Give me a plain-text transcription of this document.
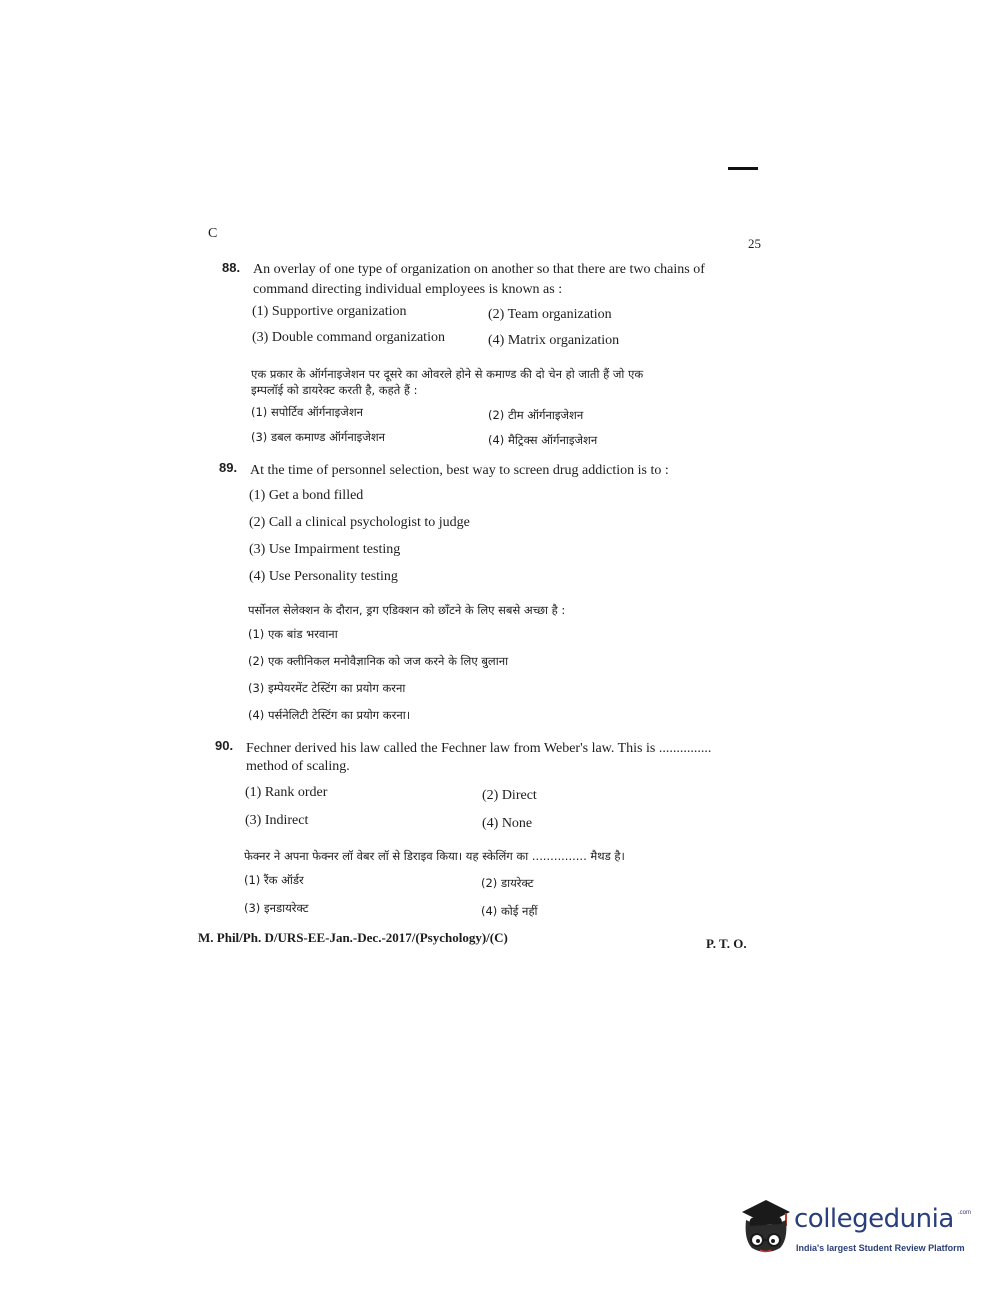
C
25
88. An overlay of one type of organization on another so that there are two chains of
command directing individual employees is known as :
(1) Supportive organization	(2) Team organization
(3) Double command organization	(4) Matrix organization
एक प्रकार के ऑर्गनाइजेशन पर दूसरे का ओवरले होने से कमाण्ड की दो चेन हो जाती हैं जो एक
इम्पलॉई को डायरेक्ट करती है, कहते हैं :
(1) सपोर्टिव ऑर्गनाइजेशन	(2) टीम ऑर्गनाइजेशन
(3) डबल कमाण्ड ऑर्गनाइजेशन	(4) मैट्रिक्स ऑर्गनाइजेशन
89. At the time of personnel selection, best way to screen drug addiction is to :
(1) Get a bond filled
(2) Call a clinical psychologist to judge
(3) Use Impairment testing
(4) Use Personality testing
पर्सोनल सेलेक्शन के दौरान, ड्रग एडिक्शन को छाँटने के लिए सबसे अच्छा है :
(1) एक बांड भरवाना
(2) एक क्लीनिकल मनोवैज्ञानिक को जज करने के लिए बुलाना
(3) इम्पेयरमेंट टेस्टिंग का प्रयोग करना
(4) पर्सनेलिटी टेस्टिंग का प्रयोग करना।
90. Fechner derived his law called the Fechner law from Weber's law. This is ...............
method of scaling.
(1) Rank order	(2) Direct
(3) Indirect	(4) None
फेक्नर ने अपना फेक्नर लॉ वेबर लॉ से डिराइव किया। यह स्केलिंग का ............... मैथड है।
(1) रैंक ऑर्डर	(2) डायरेक्ट
(3) इनडायरेक्ट	(4) कोई नहीं
M. Phil/Ph. D/URS-EE-Jan.-Dec.-2017/(Psychology)/(C)	P. T. O.
collegedunia .com
India's largest Student Review Platform
